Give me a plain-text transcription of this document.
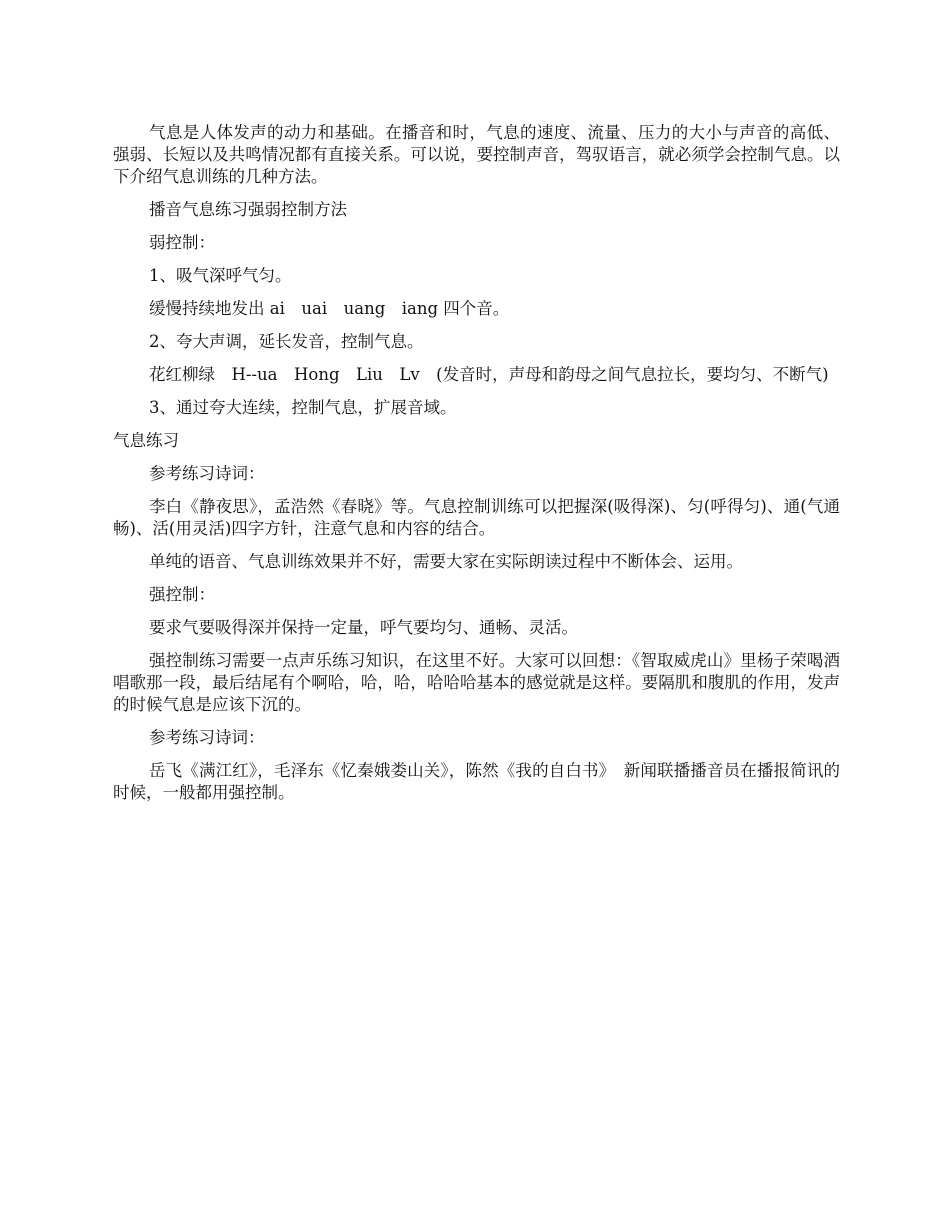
气息是人体发声的动力和基础。在播音和时，气息的速度、流量、压力的大小与声音的高低、强弱、长短以及共鸣情况都有直接关系。可以说，要控制声音，驾驭语言，就必须学会控制气息。以下介绍气息训练的几种方法。

播音气息练习强弱控制方法

弱控制：

1、吸气深呼气匀。

缓慢持续地发出 ai　uai　uang　iang 四个音。

2、夸大声调，延长发音，控制气息。

花红柳绿　H--ua　Hong　Liu　Lv　(发音时，声母和韵母之间气息拉长，要均匀、不断气)

3、通过夸大连续，控制气息，扩展音域。

气息练习

参考练习诗词：

李白《静夜思》，孟浩然《春晓》等。气息控制训练可以把握深(吸得深)、匀(呼得匀)、通(气通畅)、活(用灵活)四字方针，注意气息和内容的结合。

单纯的语音、气息训练效果并不好，需要大家在实际朗读过程中不断体会、运用。

强控制：

要求气要吸得深并保持一定量，呼气要均匀、通畅、灵活。

强控制练习需要一点声乐练习知识，在这里不好。大家可以回想：《智取威虎山》里杨子荣喝酒唱歌那一段，最后结尾有个啊哈，哈，哈，哈哈哈基本的感觉就是这样。要隔肌和腹肌的作用，发声的时候气息是应该下沉的。

参考练习诗词：

岳飞《满江红》，毛泽东《忆秦娥娄山关》，陈然《我的自白书》　新闻联播播音员在播报简讯的时候，一般都用强控制。
